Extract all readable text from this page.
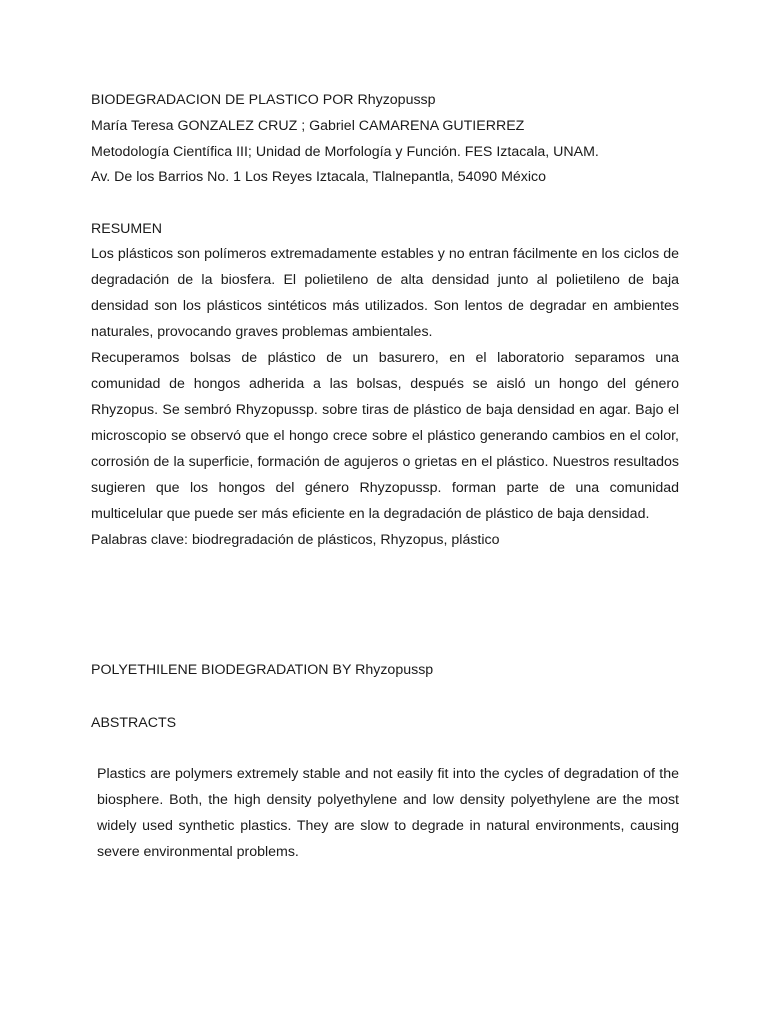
BIODEGRADACION DE PLASTICO POR Rhyzopussp
María Teresa GONZALEZ CRUZ ; Gabriel CAMARENA GUTIERREZ
Metodología Científica III; Unidad de Morfología y Función. FES Iztacala, UNAM.
Av. De los Barrios No. 1 Los Reyes Iztacala, Tlalnepantla, 54090 México
RESUMEN

Los plásticos son polímeros extremadamente estables y no entran fácilmente en los ciclos de degradación de la biosfera. El polietileno de alta densidad junto al polietileno de baja densidad son los plásticos sintéticos más utilizados. Son lentos de degradar en ambientes naturales, provocando graves problemas ambientales.

Recuperamos bolsas de plástico de un basurero, en el laboratorio separamos una comunidad de hongos adherida a las bolsas, después se aisló un hongo del género Rhyzopus. Se sembró Rhyzopussp. sobre tiras de plástico de baja densidad en agar. Bajo el microscopio se observó que el hongo crece sobre el plástico generando cambios en el color, corrosión de la superficie, formación de agujeros o grietas en el plástico. Nuestros resultados sugieren que los hongos del género Rhyzopussp. forman parte de una comunidad multicelular que puede ser más eficiente en la degradación de plástico de baja densidad.

Palabras clave: biodregradación de plásticos, Rhyzopus, plástico

POLYETHILENE BIODEGRADATION BY Rhyzopussp
ABSTRACTS

Plastics are polymers extremely stable and not easily fit into the cycles of degradation of the biosphere. Both, the high density polyethylene and low density polyethylene are the most widely used synthetic plastics. They are slow to degrade in natural environments, causing severe environmental problems.
